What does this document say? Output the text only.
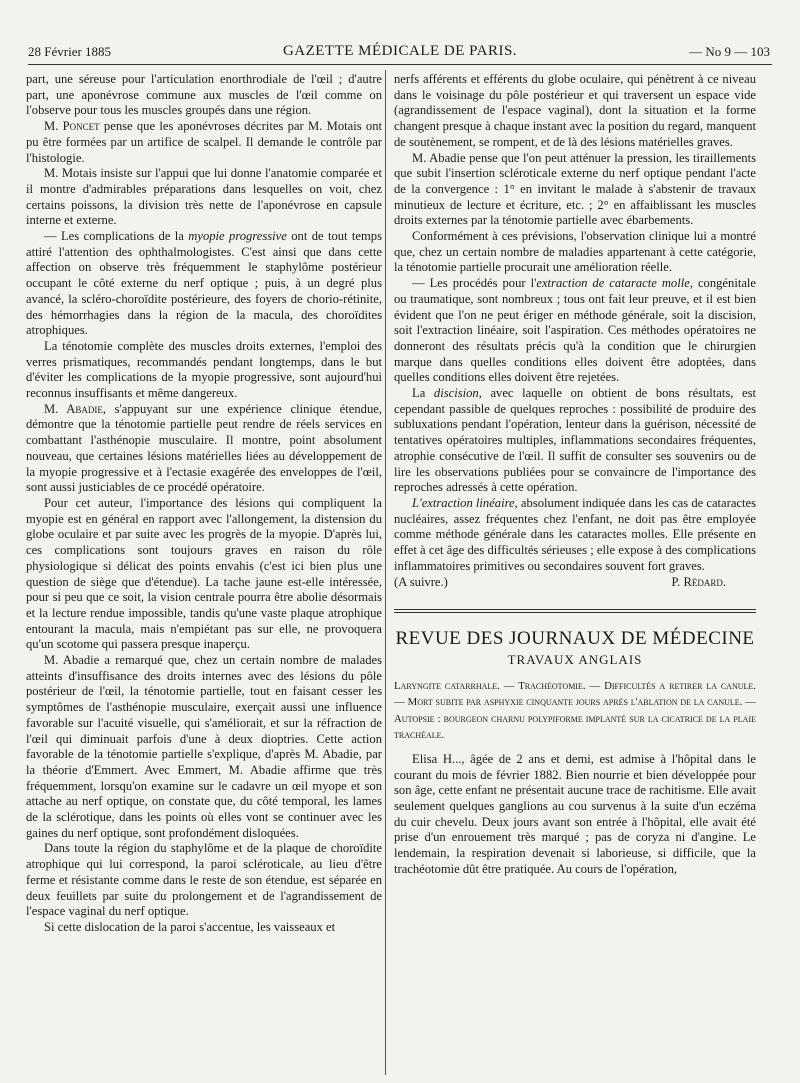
28 Février 1885	GAZETTE MÉDICALE DE PARIS.	— Nᴏ 9 — 103

part, une séreuse pour l'articulation enorthrodiale de l'œil ; d'autre part, une aponévrose commune aux muscles de l'œil comme on l'observe pour tous les muscles groupés dans une région.

M. Poncet pense que les aponévroses décrites par M. Motais ont pu être formées par un artifice de scalpel. Il demande le contrôle par l'histologie.

M. Motais insiste sur l'appui que lui donne l'anatomie comparée et il montre d'admirables préparations dans lesquelles on voit, chez certains poissons, la division très nette de l'aponévrose en capsule interne et externe.

— Les complications de la myopie progressive ont de tout temps attiré l'attention des ophthalmologistes. C'est ainsi que dans cette affection on observe très fréquemment le staphylôme postérieur occupant le côté externe du nerf optique ; puis, à un degré plus avancé, la scléro-choroïdite postérieure, des foyers de chorio-rétinite, des hémorrhagies dans la région de la macula, des choroïdites atrophiques.

La ténotomie complète des muscles droits externes, l'emploi des verres prismatiques, recommandés pendant longtemps, dans le but d'éviter les complications de la myopie progressive, sont aujourd'hui reconnus insuffisants et même dangereux.

M. Abadie, s'appuyant sur une expérience clinique étendue, démontre que la ténotomie partielle peut rendre de réels services en combattant l'asthénopie musculaire. Il montre, point absolument nouveau, que certaines lésions matérielles liées au développement de la myopie progressive et à l'ectasie exagérée des enveloppes de l'œil, sont aussi justiciables de ce procédé opératoire.

Pour cet auteur, l'importance des lésions qui compliquent la myopie est en général en rapport avec l'allongement, la distension du globe oculaire et par suite avec les progrès de la myopie. D'après lui, ces complications sont toujours graves en raison du rôle physiologique si délicat des points envahis (c'est ici bien plus une question de siège que d'étendue). La tache jaune est-elle intéressée, pour si peu que ce soit, la vision centrale pourra être abolie désormais et la lecture rendue impossible, tandis qu'une vaste plaque atrophique entourant la macula, mais n'empiétant pas sur elle, ne provoquera qu'un scotome qui passera presque inaperçu.

M. Abadie a remarqué que, chez un certain nombre de malades atteints d'insuffisance des droits internes avec des lésions du pôle postérieur de l'œil, la ténotomie partielle, tout en faisant cesser les symptômes de l'asthénopie musculaire, exerçait aussi une influence favorable sur l'acuité visuelle, qui s'améliorait, et sur la réfraction de l'œil qui diminuait parfois d'une à deux dioptries. Cette action favorable de la ténotomie partielle s'explique, d'après M. Abadie, par la théorie d'Emmert. Avec Emmert, M. Abadie affirme que très fréquemment, lorsqu'on examine sur le cadavre un œil myope et son attache au nerf optique, on constate que, du côté temporal, les lames de la sclérotique, dans les points où elles vont se continuer avec les gaines du nerf optique, sont profondément disloquées.

Dans toute la région du staphylôme et de la plaque de choroïdite atrophique qui lui correspond, la paroi scléroticale, au lieu d'être ferme et résistante comme dans le reste de son étendue, est séparée en deux feuillets par suite du prolongement et de l'agrandissement de l'espace vaginal du nerf optique.

Si cette dislocation de la paroi s'accentue, les vaisseaux et

nerfs afférents et efférents du globe oculaire, qui pénètrent à ce niveau dans le voisinage du pôle postérieur et qui traversent un espace vide (agrandissement de l'espace vaginal), dont la situation et la forme changent presque à chaque instant avec la position du regard, manquent de soutènement, se rompent, et de là des lésions matérielles graves.

M. Abadie pense que l'on peut atténuer la pression, les tiraillements que subit l'insertion scléroticale externe du nerf optique pendant l'acte de la convergence : 1° en invitant le malade à s'abstenir de travaux minutieux de lecture et écriture, etc. ; 2° en affaiblissant les muscles droits externes par la ténotomie partielle avec ébarbements.

Conformément à ces prévisions, l'observation clinique lui a montré que, chez un certain nombre de maladies appartenant à cette catégorie, la ténotomie partielle procurait une amélioration réelle.

— Les procédés pour l'extraction de cataracte molle, congénitale ou traumatique, sont nombreux ; tous ont fait leur preuve, et il est bien évident que l'on ne peut ériger en méthode générale, soit la discision, soit l'extraction linéaire, soit l'aspiration. Ces méthodes opératoires ne donneront des résultats précis qu'à la condition que le chirurgien marque dans quelles conditions elles doivent être adoptées, dans quelles conditions elles doivent être rejetées.

La discision, avec laquelle on obtient de bons résultats, est cependant passible de quelques reproches : possibilité de produire des subluxations pendant l'opération, lenteur dans la guérison, nécessité de tentatives opératoires multiples, inflammations secondaires fréquentes, atrophie consécutive de l'œil. Il suffit de consulter ses souvenirs ou de lire les observations publiées pour se convaincre de l'importance des reproches adressés à cette opération.

L'extraction linéaire, absolument indiquée dans les cas de cataractes nucléaires, assez fréquentes chez l'enfant, ne doit pas être employée comme méthode générale dans les cataractes molles. Elle présente en effet à cet âge des difficultés sérieuses ; elle expose à des complications inflammatoires primitives ou secondaires souvent fort graves.

(A suivre.)	P. Rédard.
REVUE DES JOURNAUX DE MÉDECINE
TRAVAUX ANGLAIS

Laryngite catarrhale. — Trachéotomie. — Difficultés a retirer la canule. — Mort subite par asphyxie cinquante jours après l'ablation de la canule. — Autopsie : bourgeon charnu polypiforme implanté sur la cicatrice de la plaie trachéale.

Elisa H..., âgée de 2 ans et demi, est admise à l'hôpital dans le courant du mois de février 1882. Bien nourrie et bien développée pour son âge, cette enfant ne présentait aucune trace de rachitisme. Elle avait seulement quelques ganglions au cou survenus à la suite d'un eczéma du cuir chevelu. Deux jours avant son entrée à l'hôpital, elle avait été prise d'un enrouement très marqué ; pas de coryza ni d'angine. Le lendemain, la respiration devenait si laborieuse, si difficile, que la trachéotomie dût être pratiquée. Au cours de l'opération,
